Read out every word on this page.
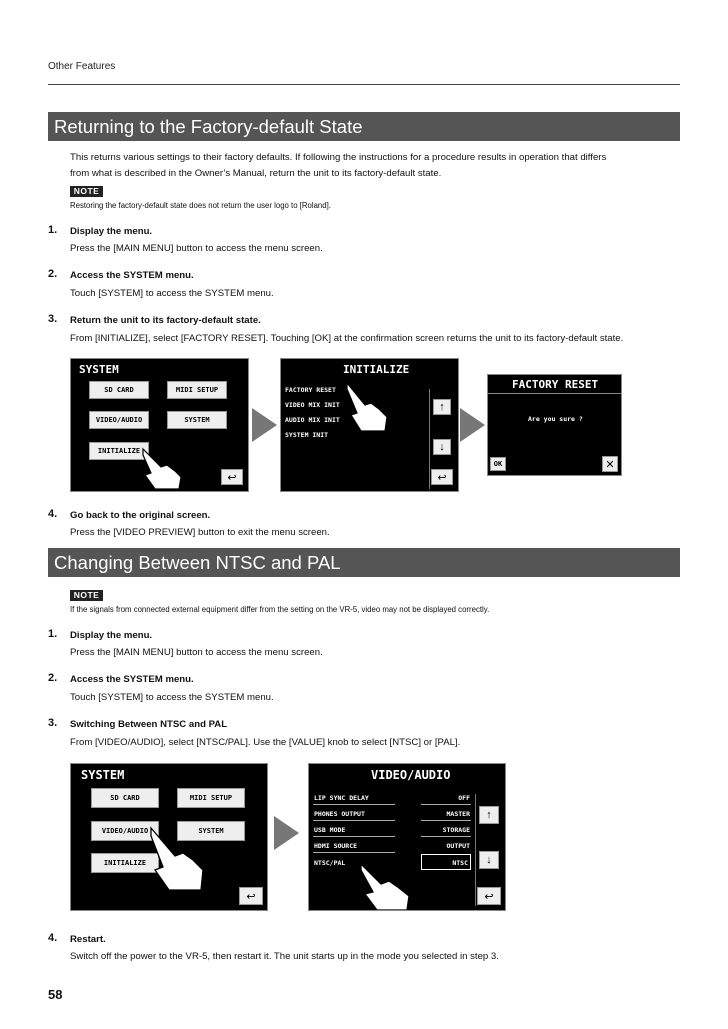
Other Features
Returning to the Factory-default State
This returns various settings to their factory defaults. If following the instructions for a procedure results in operation that differs
from what is described in the Owner’s Manual, return the unit to its factory-default state.
NOTE
Restoring the factory-default state does not return the user logo to [Roland].
1. Display the menu.
Press the [MAIN MENU] button to access the menu screen.
2. Access the SYSTEM menu.
Touch [SYSTEM] to access the SYSTEM menu.
3. Return the unit to its factory-default state.
From [INITIALIZE], select [FACTORY RESET]. Touching [OK] at the confirmation screen returns the unit to its factory-default state.
SYSTEM
SD CARD	MIDI SETUP
VIDEO/AUDIO	SYSTEM
INITIALIZE
↩
INITIALIZE
FACTORY RESET
VIDEO MIX INIT
AUDIO MIX INIT
SYSTEM INIT
↑
↓
↩
FACTORY RESET
Are you sure ?
OK	✕
4. Go back to the original screen.
Press the [VIDEO PREVIEW] button to exit the menu screen.
Changing Between NTSC and PAL
NOTE
If the signals from connected external equipment differ from the setting on the VR-5, video may not be displayed correctly.
1. Display the menu.
Press the [MAIN MENU] button to access the menu screen.
2. Access the SYSTEM menu.
Touch [SYSTEM] to access the SYSTEM menu.
3. Switching Between NTSC and PAL
From [VIDEO/AUDIO], select [NTSC/PAL]. Use the [VALUE] knob to select [NTSC] or [PAL].
SYSTEM
SD CARD	MIDI SETUP
VIDEO/AUDIO	SYSTEM
INITIALIZE
↩
VIDEO/AUDIO
LIP SYNC DELAY	OFF
PHONES OUTPUT	MASTER
USB MODE	STORAGE
HDMI SOURCE	OUTPUT
NTSC/PAL	NTSC
↑
↓
↩
4. Restart.
Switch off the power to the VR-5, then restart it. The unit starts up in the mode you selected in step 3.
58
